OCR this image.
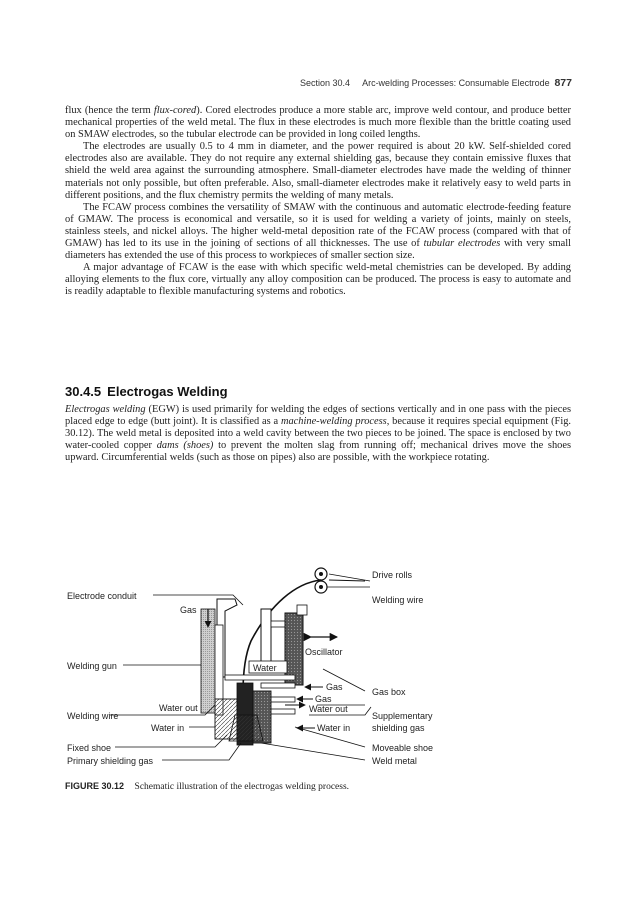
Section 30.4 Arc-welding Processes: Consumable Electrode 877

flux (hence the term flux-cored). Cored electrodes produce a more stable arc, improve weld contour, and produce better mechanical properties of the weld metal. The flux in these electrodes is much more flexible than the brittle coating used on SMAW electrodes, so the tubular electrode can be provided in long coiled lengths.

The electrodes are usually 0.5 to 4 mm in diameter, and the power required is about 20 kW. Self-shielded cored electrodes also are available. They do not require any external shielding gas, because they contain emissive fluxes that shield the weld area against the surrounding atmosphere. Small-diameter electrodes have made the welding of thinner materials not only possible, but often preferable. Also, small-diameter electrodes make it relatively easy to weld parts in different positions, and the flux chemistry permits the welding of many metals.

The FCAW process combines the versatility of SMAW with the continuous and automatic electrode-feeding feature of GMAW. The process is economical and versatile, so it is used for welding a variety of joints, mainly on steels, stainless steels, and nickel alloys. The higher weld-metal deposition rate of the FCAW process (compared with that of GMAW) has led to its use in the joining of sections of all thicknesses. The use of tubular electrodes with very small diameters has extended the use of this process to workpieces of smaller section size.

A major advantage of FCAW is the ease with which specific weld-metal chemistries can be developed. By adding alloying elements to the flux core, virtually any alloy composition can be produced. The process is easy to automate and is readily adaptable to flexible manufacturing systems and robotics.

30.4.5 Electrogas Welding

Electrogas welding (EGW) is used primarily for welding the edges of sections vertically and in one pass with the pieces placed edge to edge (butt joint). It is classified as a machine-welding process, because it requires special equipment (Fig. 30.12). The weld metal is deposited into a weld cavity between the two pieces to be joined. The space is enclosed by two water-cooled copper dams (shoes) to prevent the molten slag from running off; mechanical drives move the shoes upward. Circumferential welds (such as those on pipes) also are possible, with the workpiece rotating.

Drive rolls
Welding wire
Electrode conduit
Gas
Oscillator
Welding gun	Water
Gas	Gas box
Gas
Water out	Water out
Welding wire	Supplementary
shielding gas
Water in	Water in
Fixed shoe	Moveable shoe
Primary shielding gas	Weld metal
FIGURE 30.12 Schematic illustration of the electrogas welding process.
